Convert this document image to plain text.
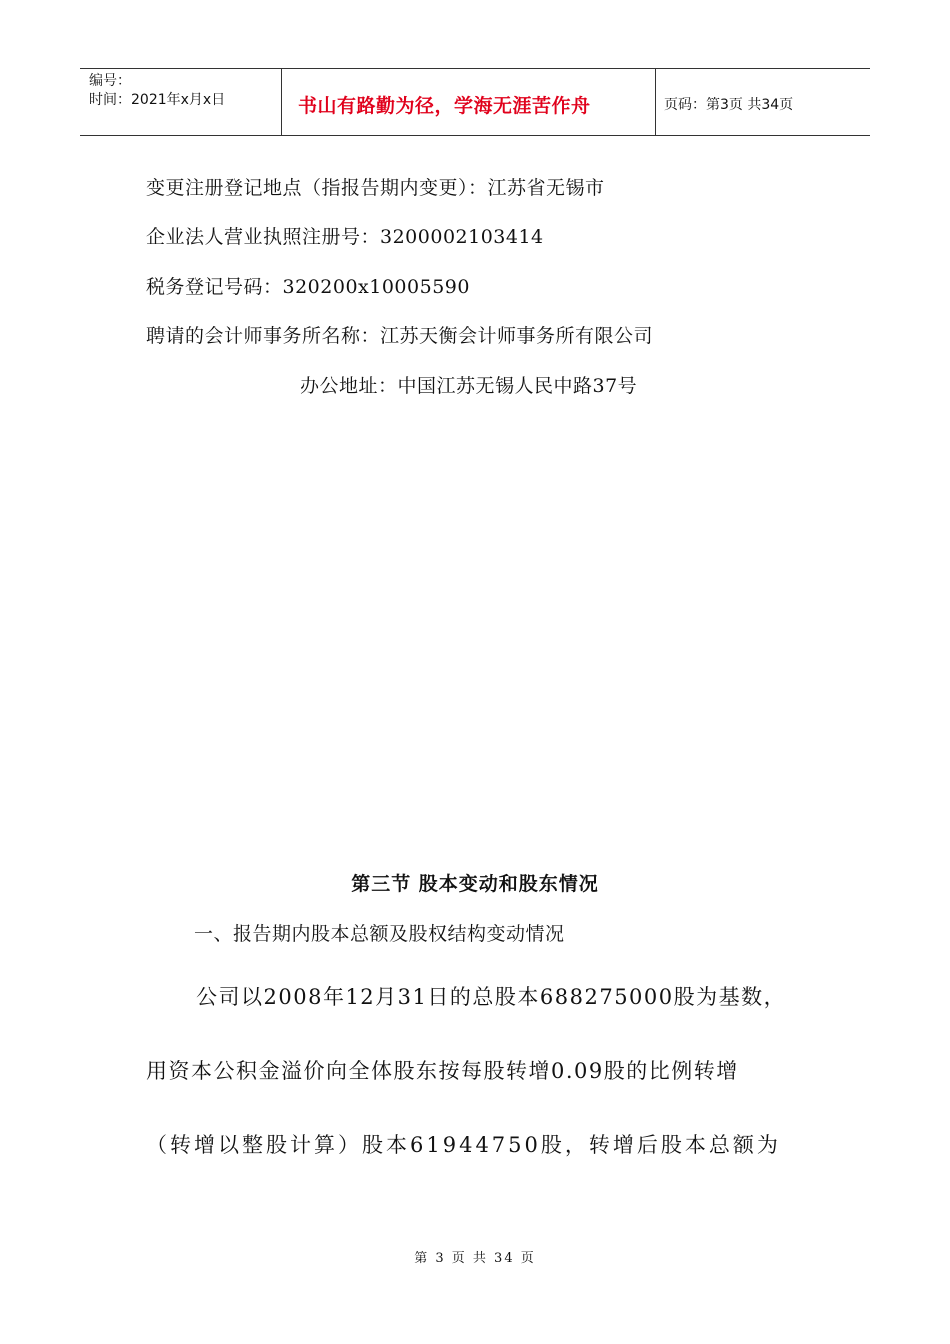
编号：
时间：2021年x月x日	书山有路勤为径，学海无涯苦作舟	页码：第3页 共34页
变更注册登记地点（指报告期内变更）：江苏省无锡市
企业法人营业执照注册号：3200002103414
税务登记号码：320200x10005590
聘请的会计师事务所名称：江苏天衡会计师事务所有限公司
办公地址：中国江苏无锡人民中路37号
第三节 股本变动和股东情况
一、报告期内股本总额及股权结构变动情况
公司以2008年12月31日的总股本688275000股为基数，
用资本公积金溢价向全体股东按每股转增0.09股的比例转增
（转增以整股计算）股本61944750股，转增后股本总额为
第 3 页 共 34 页
